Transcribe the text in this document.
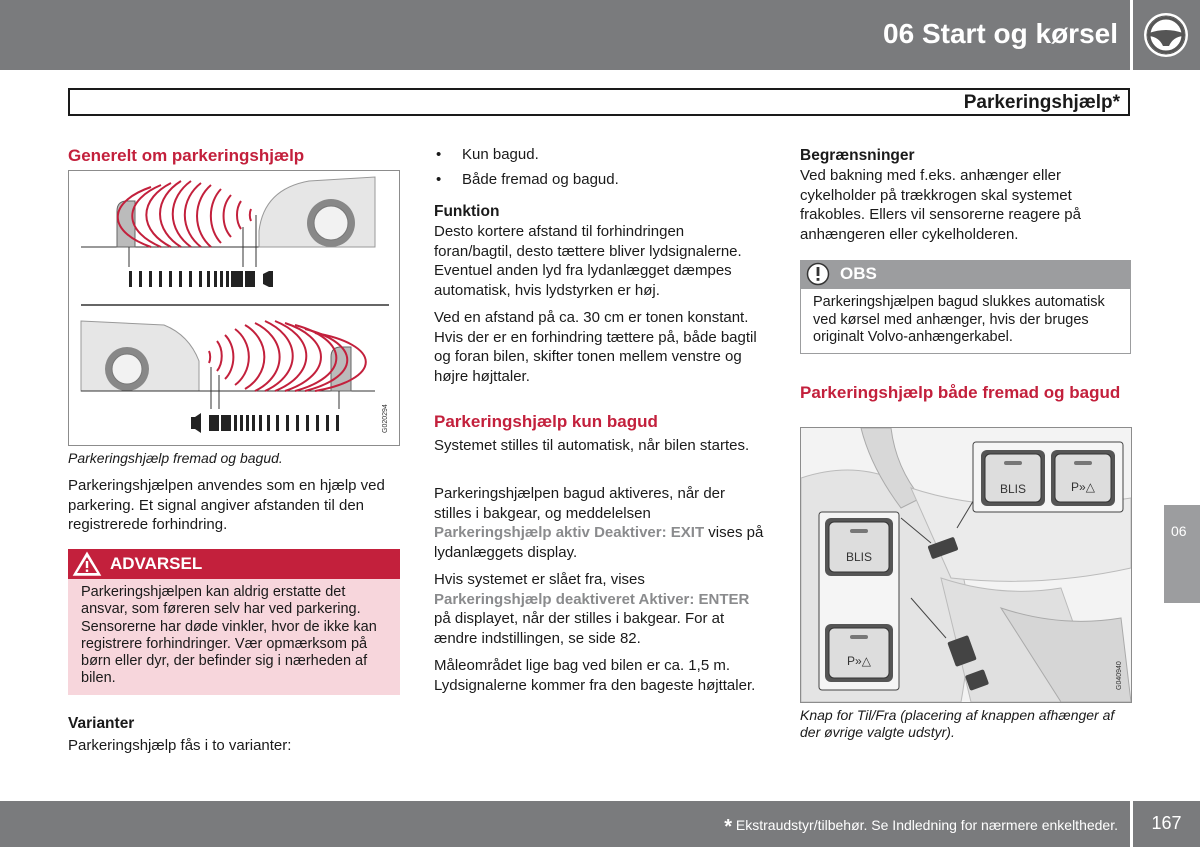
06 Start og kørsel
Parkeringshjælp*
Generelt om parkeringshjælp
G020294
Parkeringshjælp fremad og bagud.
Parkeringshjælpen anvendes som en hjælp ved parkering. Et signal angiver afstanden til den registrerede forhindring.
ADVARSEL
Parkeringshjælpen kan aldrig erstatte det ansvar, som føreren selv har ved parkering. Sensorerne har døde vinkler, hvor de ikke kan registrere forhindringer. Vær opmærksom på børn eller dyr, der befinder sig i nærheden af bilen.
Varianter
Parkeringshjælp fås i to varianter:
• Kun bagud.
• Både fremad og bagud.
Funktion
Desto kortere afstand til forhindringen foran/bagtil, desto tættere bliver lydsignalerne. Eventuel anden lyd fra lydanlægget dæmpes automatisk, hvis lydstyrken er høj.
Ved en afstand på ca. 30 cm er tonen konstant. Hvis der er en forhindring tættere på, både bagtil og foran bilen, skifter tonen mellem venstre og højre højttaler.
Parkeringshjælp kun bagud
Systemet stilles til automatisk, når bilen startes.
Parkeringshjælpen bagud aktiveres, når der stilles i bakgear, og meddelelsen
Parkeringshjælp aktiv Deaktiver: EXIT vises på lydanlæggets display.
Hvis systemet er slået fra, vises
Parkeringshjælp deaktiveret Aktiver: ENTER på displayet, når der stilles i bakgear. For at ændre indstillingen, se side 82.
Måleområdet lige bag ved bilen er ca. 1,5 m. Lydsignalerne kommer fra den bageste højttaler.
Begrænsninger
Ved bakning med f.eks. anhænger eller cykelholder på trækkrogen skal systemet frakobles. Ellers vil sensorerne reagere på anhængeren eller cykelholderen.
OBS
Parkeringshjælpen bagud slukkes automatisk ved kørsel med anhænger, hvis der bruges originalt Volvo-anhængerkabel.
Parkeringshjælp både fremad og bagud
BLIS	P»△
BLIS
P»△
G040940
Knap for Til/Fra (placering af knappen afhænger af der øvrige valgte udstyr).
06
* Ekstraudstyr/tilbehør. Se Indledning for nærmere enkeltheder.	167
